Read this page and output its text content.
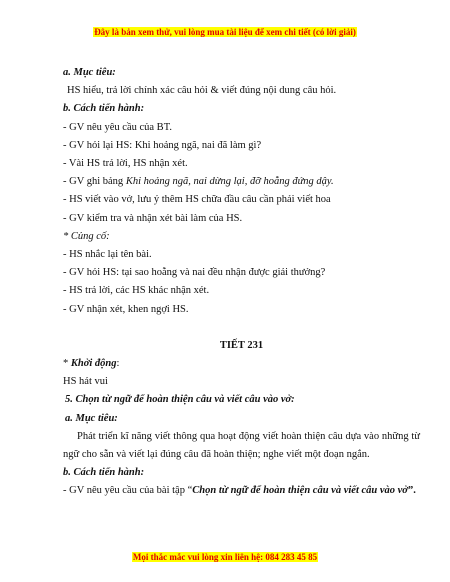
Đây là bản xem thử, vui lòng mua tài liệu để xem chi tiết (có lời giải)
a. Mục tiêu:
HS hiểu, trả lời chính xác câu hỏi & viết đúng nội dung câu hỏi.
b. Cách tiến hành:
- GV nêu yêu cầu của BT.
- GV hỏi lại HS: Khi hoảng ngã, nai đã làm gì?
- Vài HS trả lời, HS nhận xét.
- GV ghi bảng Khi hoảng ngã, nai dừng lại, đỡ hoẵng đứng dậy.
- HS viết vào vở, lưu ý thêm HS chữa đầu câu cần phải viết hoa
- GV kiểm tra và nhận xét bài làm của HS.
* Củng cố:
- HS nhắc lại tên bài.
- GV hỏi HS: tại sao hoẵng và nai đều nhận được giải thưởng?
- HS trả lời, các HS khác nhận xét.
- GV nhận xét, khen ngợi HS.
TIẾT 231
* Khởi động:
HS hát vui
5. Chọn từ ngữ để hoàn thiện câu và viết câu vào vở:
a. Mục tiêu:
Phát triển kĩ năng viết thông qua hoạt động viết hoàn thiện câu dựa vào những từ ngữ cho sẵn và viết lại đúng câu đã hoàn thiện; nghe viết một đoạn ngắn.
b. Cách tiến hành:
- GV nêu yêu cầu của bài tập “Chọn từ ngữ để hoàn thiện câu và viết câu vào vở”.
Mọi thắc mắc vui lòng xin liên hệ: 084 283 45 85
